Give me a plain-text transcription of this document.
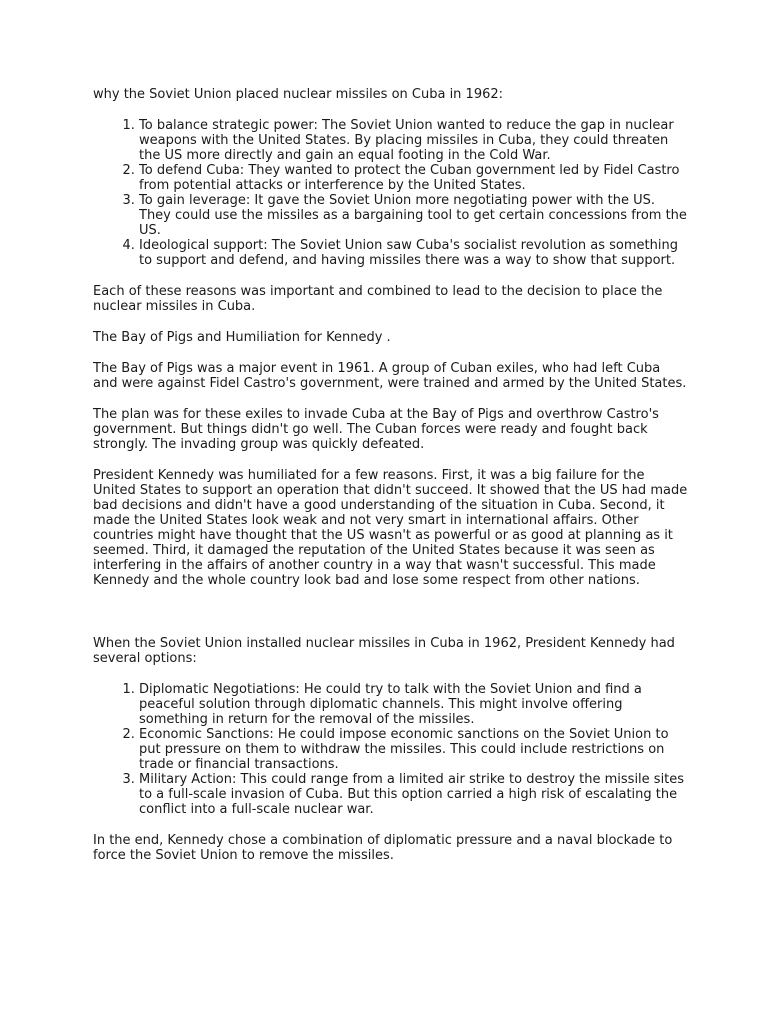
why the Soviet Union placed nuclear missiles on Cuba in 1962:

1. To balance strategic power: The Soviet Union wanted to reduce the gap in nuclear weapons with the United States. By placing missiles in Cuba, they could threaten the US more directly and gain an equal footing in the Cold War.
2. To defend Cuba: They wanted to protect the Cuban government led by Fidel Castro from potential attacks or interference by the United States.
3. To gain leverage: It gave the Soviet Union more negotiating power with the US. They could use the missiles as a bargaining tool to get certain concessions from the US.
4. Ideological support: The Soviet Union saw Cuba's socialist revolution as something to support and defend, and having missiles there was a way to show that support.

Each of these reasons was important and combined to lead to the decision to place the nuclear missiles in Cuba.

The Bay of Pigs and Humiliation for Kennedy .

The Bay of Pigs was a major event in 1961. A group of Cuban exiles, who had left Cuba and were against Fidel Castro's government, were trained and armed by the United States.

The plan was for these exiles to invade Cuba at the Bay of Pigs and overthrow Castro's government. But things didn't go well. The Cuban forces were ready and fought back strongly. The invading group was quickly defeated.

President Kennedy was humiliated for a few reasons. First, it was a big failure for the United States to support an operation that didn't succeed. It showed that the US had made bad decisions and didn't have a good understanding of the situation in Cuba. Second, it made the United States look weak and not very smart in international affairs. Other countries might have thought that the US wasn't as powerful or as good at planning as it seemed. Third, it damaged the reputation of the United States because it was seen as interfering in the affairs of another country in a way that wasn't successful. This made Kennedy and the whole country look bad and lose some respect from other nations.

When the Soviet Union installed nuclear missiles in Cuba in 1962, President Kennedy had several options:

1. Diplomatic Negotiations: He could try to talk with the Soviet Union and find a peaceful solution through diplomatic channels. This might involve offering something in return for the removal of the missiles.
2. Economic Sanctions: He could impose economic sanctions on the Soviet Union to put pressure on them to withdraw the missiles. This could include restrictions on trade or financial transactions.
3. Military Action: This could range from a limited air strike to destroy the missile sites to a full-scale invasion of Cuba. But this option carried a high risk of escalating the conflict into a full-scale nuclear war.

In the end, Kennedy chose a combination of diplomatic pressure and a naval blockade to force the Soviet Union to remove the missiles.
